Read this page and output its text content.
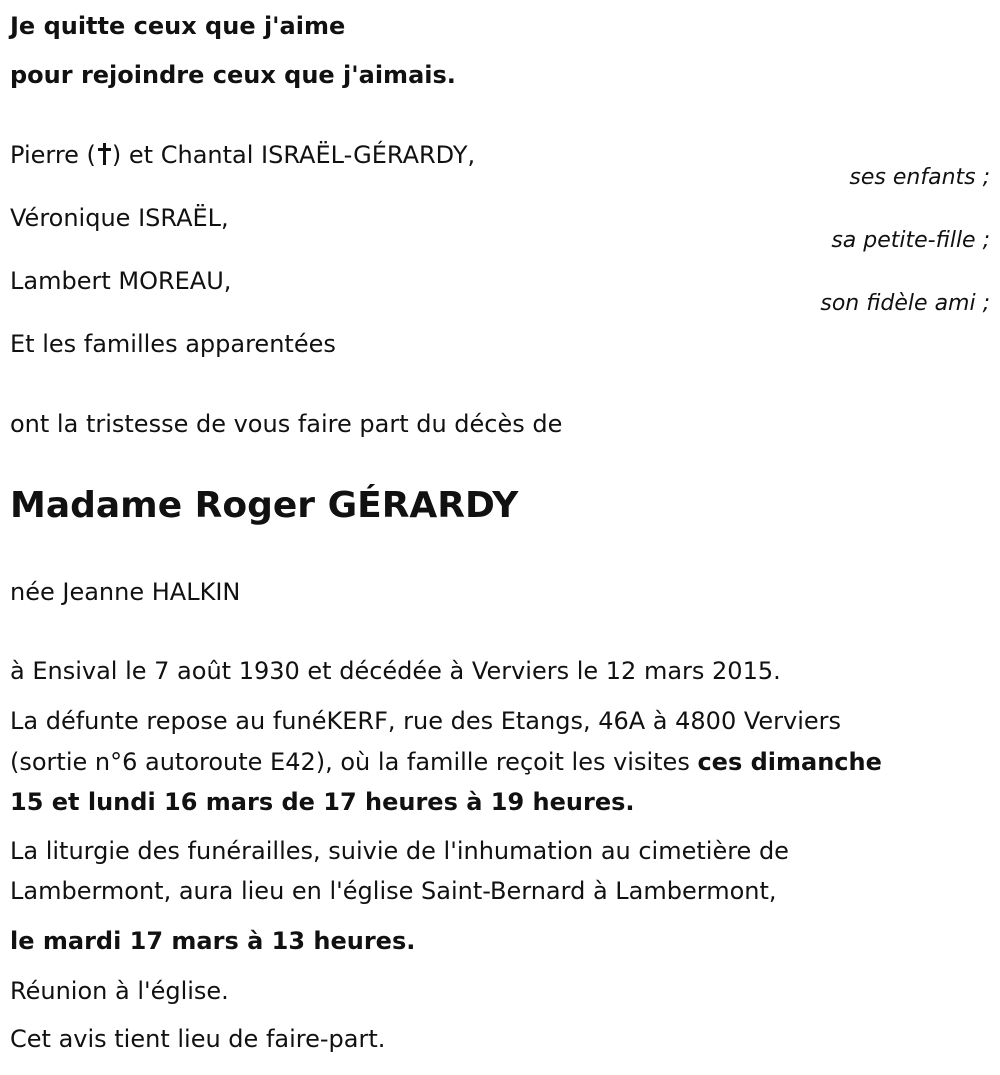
Je quitte ceux que j'aime
pour rejoindre ceux que j'aimais.
Pierre ( ) et Chantal ISRAËL-GÉRARDY,
ses enfants ;
Véronique ISRAËL,
sa petite-fille ;
Lambert MOREAU,
son fidèle ami ;
Et les familles apparentées
ont la tristesse de vous faire part du décès de
Madame Roger GÉRARDY
née Jeanne HALKIN
à Ensival le 7 août 1930 et décédée à Verviers le 12 mars 2015.
La défunte repose au funéKERF, rue des Etangs, 46A à 4800 Verviers
(sortie n°6 autoroute E42), où la famille reçoit les visites ces dimanche
15 et lundi 16 mars de 17 heures à 19 heures.
La liturgie des funérailles, suivie de l'inhumation au cimetière de
Lambermont, aura lieu en l'église Saint-Bernard à Lambermont,
le mardi 17 mars à 13 heures.
Réunion à l'église.
Cet avis tient lieu de faire-part.
